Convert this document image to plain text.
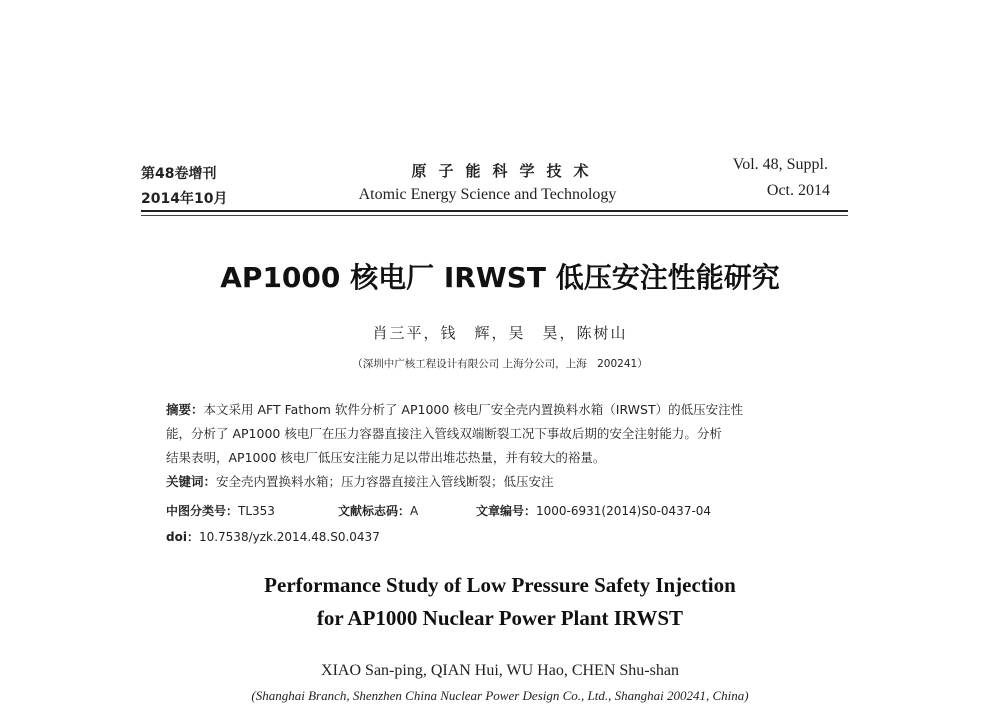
第48卷增刊
2014年10月
原子能科学技术
Atomic Energy Science and Technology
Vol. 48, Suppl.
Oct. 2014
AP1000 核电厂 IRWST 低压安注性能研究
肖三平，钱　辉，吴　昊，陈树山
（深圳中广核工程设计有限公司 上海分公司，上海　200241）
摘要：本文采用 AFT Fathom 软件分析了 AP1000 核电厂安全壳内置换料水箱（IRWST）的低压安注性
能，分析了 AP1000 核电厂在压力容器直接注入管线双端断裂工况下事故后期的安全注射能力。分析
结果表明，AP1000 核电厂低压安注能力足以带出堆芯热量，并有较大的裕量。
关键词：安全壳内置换料水箱；压力容器直接注入管线断裂；低压安注
中图分类号：TL353	文献标志码：A	文章编号：1000-6931(2014)S0-0437-04
doi：10.7538/yzk.2014.48.S0.0437
Performance Study of Low Pressure Safety Injection
for AP1000 Nuclear Power Plant IRWST
XIAO San-ping, QIAN Hui, WU Hao, CHEN Shu-shan
(Shanghai Branch, Shenzhen China Nuclear Power Design Co., Ltd., Shanghai 200241, China)
